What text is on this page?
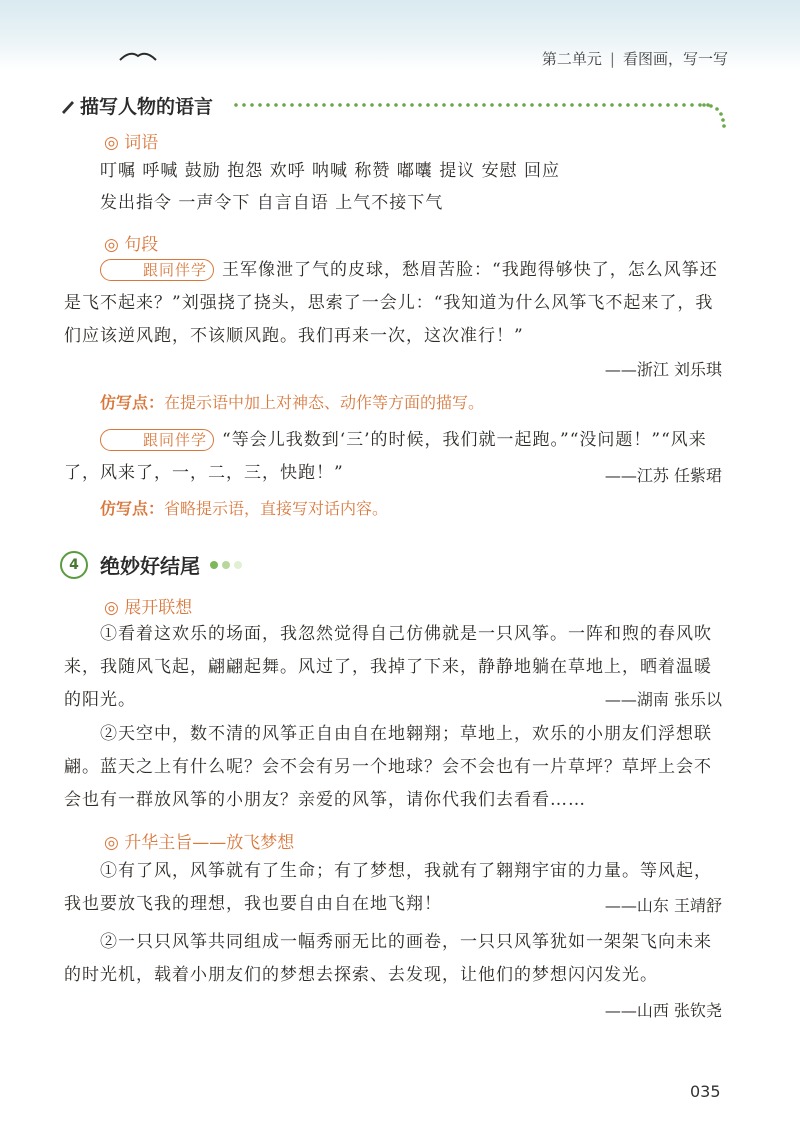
第二单元 | 看图画，写一写
描写人物的语言
◎ 词语
叮嘱 呼喊 鼓励 抱怨 欢呼 呐喊 称赞 嘟囔 提议 安慰 回应
发出指令 一声令下 自言自语 上气不接下气
◎ 句段
跟同伴学 王军像泄了气的皮球，愁眉苦脸：“我跑得够快了，怎么风筝还是飞不起来？”刘强挠了挠头，思索了一会儿：“我知道为什么风筝飞不起来了，我们应该逆风跑，不该顺风跑。我们再来一次，这次准行！”
——浙江 刘乐琪
仿写点：在提示语中加上对神态、动作等方面的描写。
跟同伴学 “等会儿我数到‘三’的时候，我们就一起跑。”“没问题！”“风来了，风来了，一，二，三，快跑！”	——江苏 任紫珺
仿写点：省略提示语，直接写对话内容。
4	绝妙好结尾
◎ 展开联想
①看着这欢乐的场面，我忽然觉得自己仿佛就是一只风筝。一阵和煦的春风吹来，我随风飞起，翩翩起舞。风过了，我掉了下来，静静地躺在草地上，晒着温暖的阳光。	——湖南 张乐以
②天空中，数不清的风筝正自由自在地翱翔；草地上，欢乐的小朋友们浮想联翩。蓝天之上有什么呢？会不会有另一个地球？会不会也有一片草坪？草坪上会不会也有一群放风筝的小朋友？亲爱的风筝，请你代我们去看看……
◎ 升华主旨——放飞梦想
①有了风，风筝就有了生命；有了梦想，我就有了翱翔宇宙的力量。等风起，我也要放飞我的理想，我也要自由自在地飞翔！	——山东 王靖舒
②一只只风筝共同组成一幅秀丽无比的画卷，一只只风筝犹如一架架飞向未来的时光机，载着小朋友们的梦想去探索、去发现，让他们的梦想闪闪发光。
——山西 张钦尧
035
